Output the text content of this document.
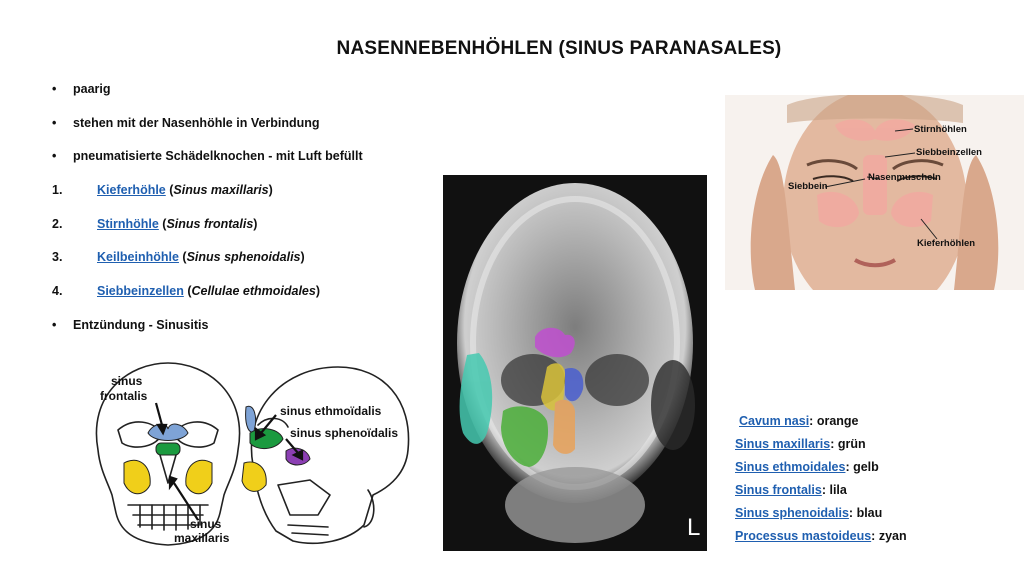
NASENNEBENHÖHLEN (SINUS PARANASALES)
•	paarig
•	stehen mit der Nasenhöhle in Verbindung
•	pneumatisierte Schädelknochen - mit Luft befüllt
1.	Kieferhöhle (Sinus maxillaris)
2.	Stirnhöhle (Sinus frontalis)
3.	Keilbeinhöhle (Sinus sphenoidalis)
4.	Siebbeinzellen (Cellulae ethmoidales)
•	Entzündung - Sinusitis
sinus
frontalis
sinus ethmoïdalis
sinus sphenoïdalis
sinus
maxillaris	L
Stirnhöhlen
Siebbeinzellen
Siebbein
Nasenmuscheln
Kieferhöhlen
Cavum nasi: orange
Sinus maxillaris: grün
Sinus ethmoidales: gelb
Sinus frontalis: lila
Sinus sphenoidalis: blau
Processus mastoideus: zyan
